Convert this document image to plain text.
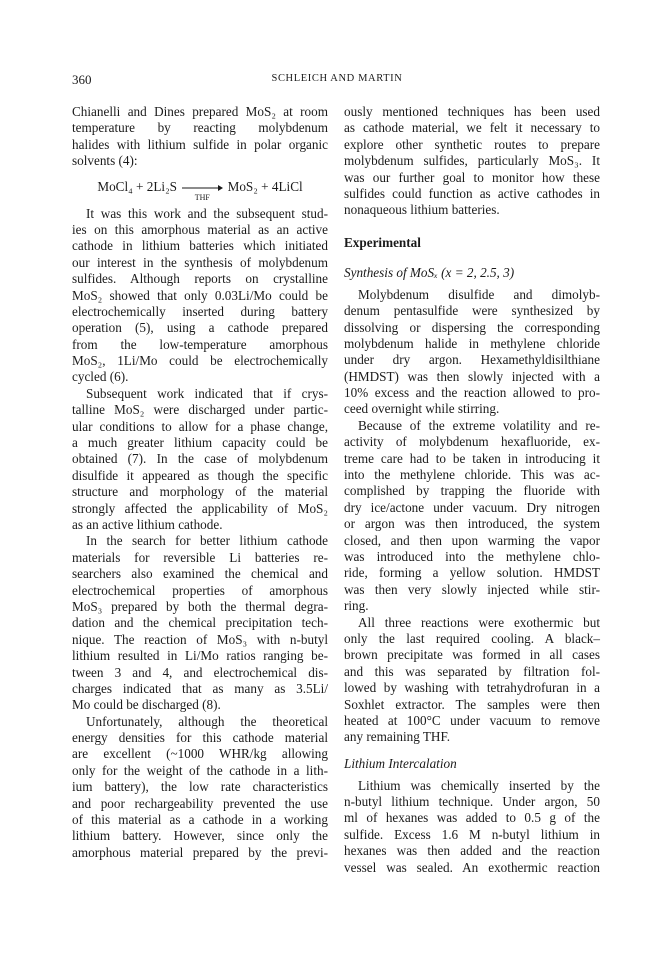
360	SCHLEICH AND MARTIN
Chianelli and Dines prepared MoS₂ at room
temperature by reacting molybdenum
halides with lithium sulfide in polar organic
solvents (4):
MoCl₄ + 2Li₂S
THF
MoS₂ + 4LiCl
It was this work and the subsequent stud-
ies on this amorphous material as an active
cathode in lithium batteries which initiated
our interest in the synthesis of molybdenum
sulfides. Although reports on crystalline
MoS₂ showed that only 0.03Li/Mo could be
electrochemically inserted during battery
operation (5), using a cathode prepared
from the low-temperature amorphous
MoS₂, 1Li/Mo could be electrochemically
cycled (6).
Subsequent work indicated that if crys-
talline MoS₂ were discharged under partic-
ular conditions to allow for a phase change,
a much greater lithium capacity could be
obtained (7). In the case of molybdenum
disulfide it appeared as though the specific
structure and morphology of the material
strongly affected the applicability of MoS₂
as an active lithium cathode.
In the search for better lithium cathode
materials for reversible Li batteries re-
searchers also examined the chemical and
electrochemical properties of amorphous
MoS₃ prepared by both the thermal degra-
dation and the chemical precipitation tech-
nique. The reaction of MoS₃ with n-butyl
lithium resulted in Li/Mo ratios ranging be-
tween 3 and 4, and electrochemical dis-
charges indicated that as many as 3.5Li/
Mo could be discharged (8).
Unfortunately, although the theoretical
energy densities for this cathode material
are excellent (~1000 WHR/kg allowing
only for the weight of the cathode in a lith-
ium battery), the low rate characteristics
and poor rechargeability prevented the use
of this material as a cathode in a working
lithium battery. However, since only the
amorphous material prepared by the previ-
ously mentioned techniques has been used
as cathode material, we felt it necessary to
explore other synthetic routes to prepare
molybdenum sulfides, particularly MoS₃. It
was our further goal to monitor how these
sulfides could function as active cathodes in
nonaqueous lithium batteries.
Experimental
Synthesis of MoSₓ (x = 2, 2.5, 3)
Molybdenum disulfide and dimolyb-
denum pentasulfide were synthesized by
dissolving or dispersing the corresponding
molybdenum halide in methylene chloride
under dry argon. Hexamethyldisilthiane
(HMDST) was then slowly injected with a
10% excess and the reaction allowed to pro-
ceed overnight while stirring.
Because of the extreme volatility and re-
activity of molybdenum hexafluoride, ex-
treme care had to be taken in introducing it
into the methylene chloride. This was ac-
complished by trapping the fluoride with
dry ice/actone under vacuum. Dry nitrogen
or argon was then introduced, the system
closed, and then upon warming the vapor
was introduced into the methylene chlo-
ride, forming a yellow solution. HMDST
was then very slowly injected while stir-
ring.
All three reactions were exothermic but
only the last required cooling. A black–
brown precipitate was formed in all cases
and this was separated by filtration fol-
lowed by washing with tetrahydrofuran in a
Soxhlet extractor. The samples were then
heated at 100°C under vacuum to remove
any remaining THF.
Lithium Intercalation
Lithium was chemically inserted by the
n-butyl lithium technique. Under argon, 50
ml of hexanes was added to 0.5 g of the
sulfide. Excess 1.6 M n-butyl lithium in
hexanes was then added and the reaction
vessel was sealed. An exothermic reaction
